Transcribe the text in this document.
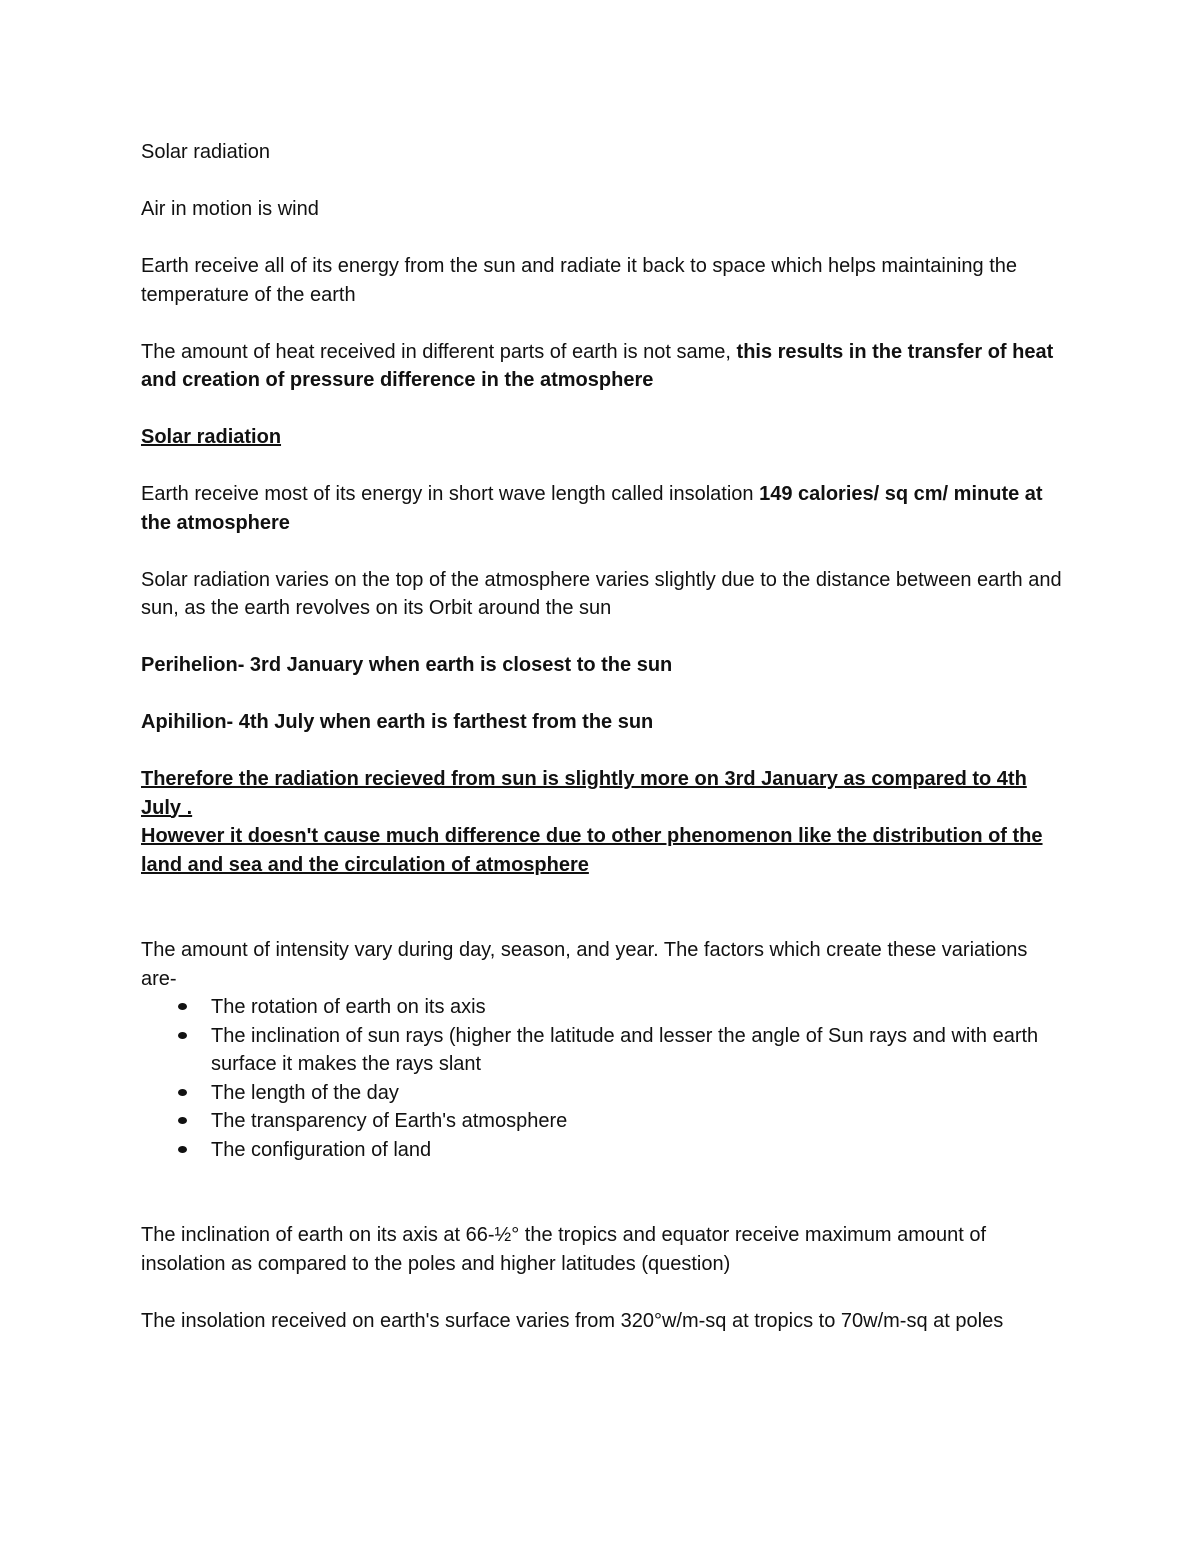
Solar radiation

Air in motion is wind

Earth receive all of its energy from the sun and radiate it back to space which helps maintaining the temperature of the earth

The amount of heat received in different parts of earth is not same, this results in the transfer of heat and creation of pressure difference in the atmosphere

Solar radiation

Earth receive most of its energy in short wave length called insolation 149 calories/ sq cm/ minute at the atmosphere

Solar radiation varies on the top of the atmosphere varies slightly due to the distance between earth and sun, as the earth revolves on its Orbit around the sun

Perihelion- 3rd January when earth is closest to the sun

Apihilion- 4th July when earth is farthest from the sun

Therefore the radiation recieved from sun is slightly more on 3rd January as compared to 4th July .

However it doesn't cause much difference due to other phenomenon like the distribution of the land and sea and the circulation of atmosphere

The amount of intensity vary during day, season, and year. The factors which create these variations are-

The rotation of earth on its axis
The inclination of sun rays (higher the latitude and lesser the angle of Sun rays and with earth surface it makes the rays slant
The length of the day
The transparency of Earth's atmosphere
The configuration of land

The inclination of earth on its axis at 66-½° the tropics and equator receive maximum amount of insolation as compared to the poles and higher latitudes (question)

The insolation received on earth's surface varies from 320°w/m-sq at tropics to 70w/m-sq at poles
